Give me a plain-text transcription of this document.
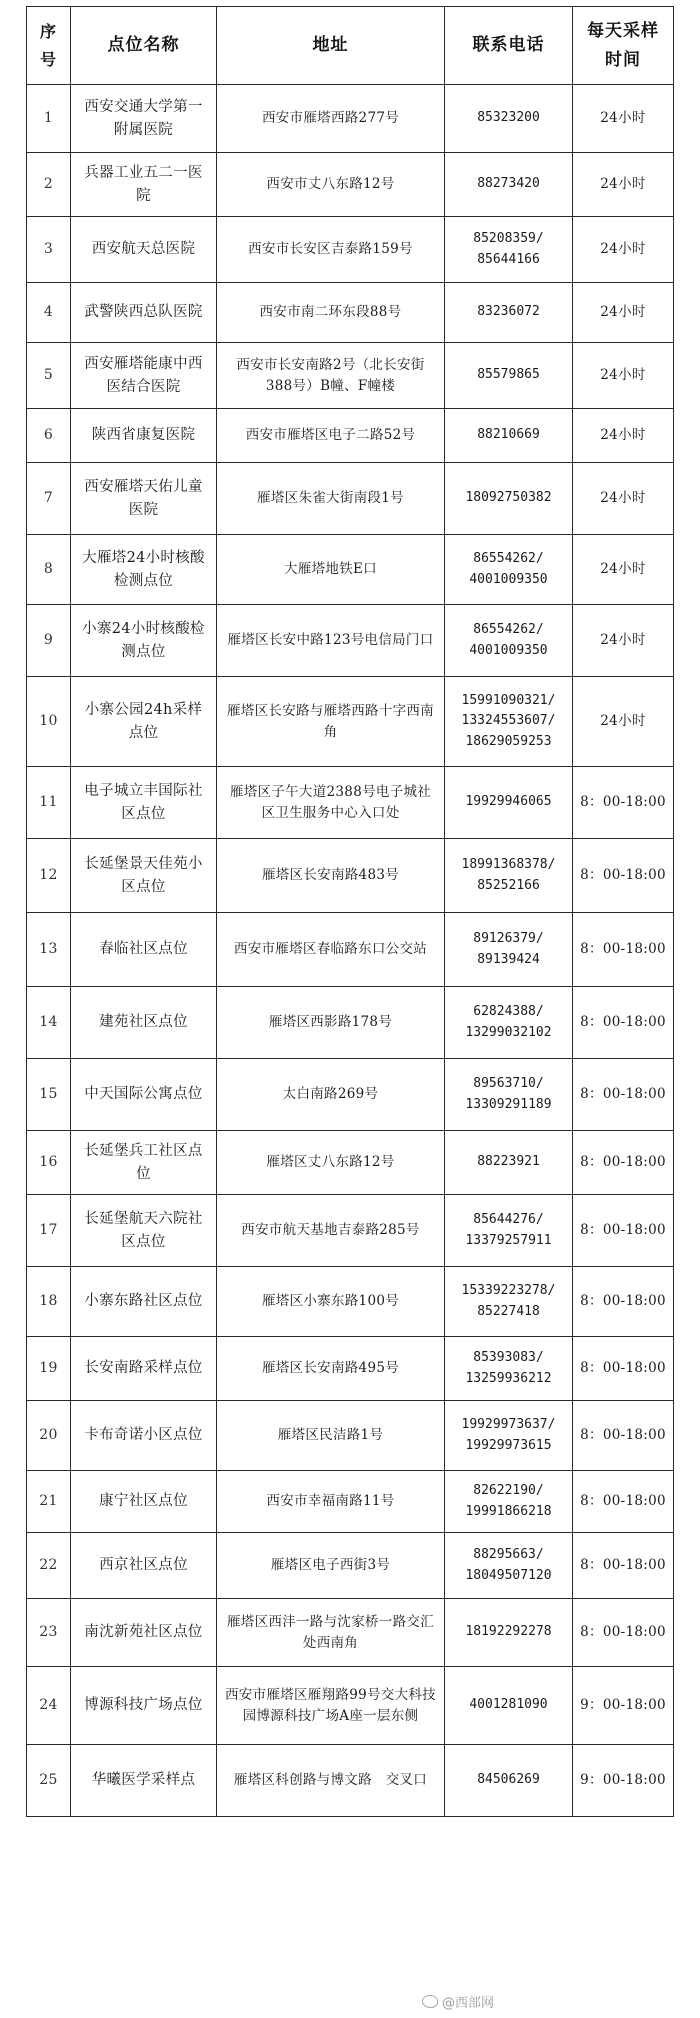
序号	点位名称	地址	联系电话	每天采样时间
1	西安交通大学第一附属医院	西安市雁塔西路277号	85323200	24小时
2	兵器工业五二一医院	西安市丈八东路12号	88273420	24小时
3	西安航天总医院	西安市长安区吉泰路159号	85208359/ 85644166	24小时
4	武警陕西总队医院	西安市南二环东段88号	83236072	24小时
5	西安雁塔能康中西医结合医院	西安市长安南路2号（北长安街388号）B幢、F幢楼	85579865	24小时
6	陕西省康复医院	西安市雁塔区电子二路52号	88210669	24小时
7	西安雁塔天佑儿童医院	雁塔区朱雀大街南段1号	18092750382	24小时
8	大雁塔24小时核酸检测点位	大雁塔地铁E口	86554262/ 4001009350	24小时
9	小寨24小时核酸检测点位	雁塔区长安中路123号电信局门口	86554262/ 4001009350	24小时
10	小寨公园24h采样点位	雁塔区长安路与雁塔西路十字西南角	15991090321/ 13324553607/ 18629059253	24小时
11	电子城立丰国际社区点位	雁塔区子午大道2388号电子城社区卫生服务中心入口处	19929946065	8：00-18:00
12	长延堡景天佳苑小区点位	雁塔区长安南路483号	18991368378/ 85252166	8：00-18:00
13	春临社区点位	西安市雁塔区春临路东口公交站	89126379/ 89139424	8：00-18:00
14	建苑社区点位	雁塔区西影路178号	62824388/ 13299032102	8：00-18:00
15	中天国际公寓点位	太白南路269号	89563710/ 13309291189	8：00-18:00
16	长延堡兵工社区点位	雁塔区丈八东路12号	88223921	8：00-18:00
17	长延堡航天六院社区点位	西安市航天基地吉泰路285号	85644276/ 13379257911	8：00-18:00
18	小寨东路社区点位	雁塔区小寨东路100号	15339223278/ 85227418	8：00-18:00
19	长安南路采样点位	雁塔区长安南路495号	85393083/ 13259936212	8：00-18:00
20	卡布奇诺小区点位	雁塔区民洁路1号	19929973637/ 19929973615	8：00-18:00
21	康宁社区点位	西安市幸福南路11号	82622190/ 19991866218	8：00-18:00
22	西京社区点位	雁塔区电子西街3号	88295663/ 18049507120	8：00-18:00
23	南沈新苑社区点位	雁塔区西沣一路与沈家桥一路交汇处西南角	18192292278	8：00-18:00
24	博源科技广场点位	西安市雁塔区雁翔路99号交大科技园博源科技广场A座一层东侧	4001281090	9：00-18:00
25	华曦医学采样点	雁塔区科创路与博文路　交叉口	84506269	9：00-18:00
@西部网
